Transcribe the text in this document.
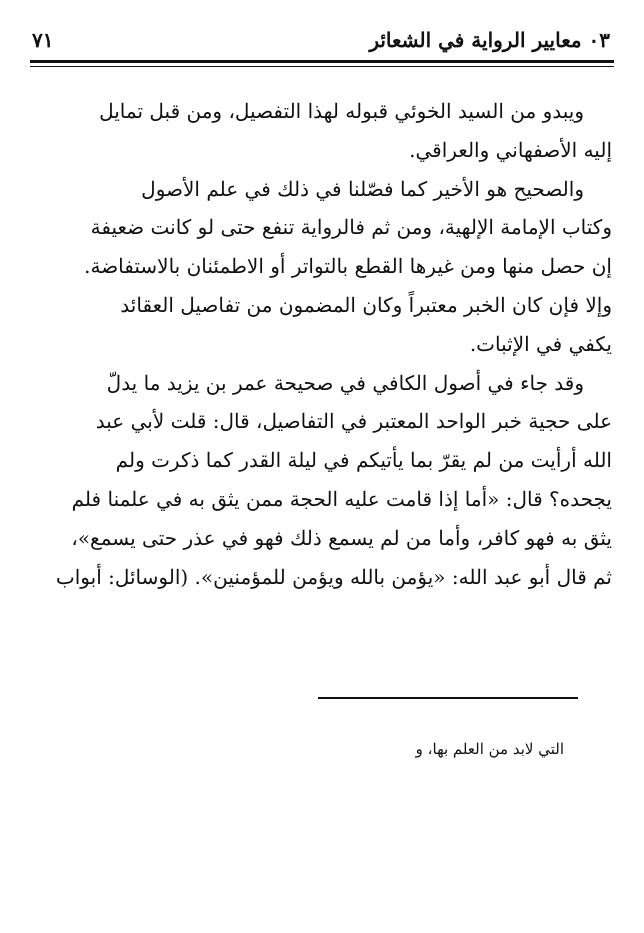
٠٣ معايير الرواية في الشعائر
٧١

ويبدو من السيد الخوئي قبوله لهذا التفصيل، ومن قبل تمايل
إليه الأصفهاني والعراقي.

والصحيح هو الأخير كما فصّلنا في ذلك في علم الأصول
وكتاب الإمامة الإلهية، ومن ثم فالرواية تنفع حتى لو كانت ضعيفة
إن حصل منها ومن غيرها القطع بالتواتر أو الاطمئنان بالاستفاضة.
وإلا فإن كان الخبر معتبراً وكان المضمون من تفاصيل العقائد
يكفي في الإثبات.

وقد جاء في أصول الكافي في صحيحة عمر بن يزيد ما يدلّ
على حجية خبر الواحد المعتبر في التفاصيل، قال: قلت لأبي عبد
الله أرأيت من لم يقرّ بما يأتيكم في ليلة القدر كما ذكرت ولم
يجحده؟ قال: «أما إذا قامت عليه الحجة ممن يثق به في علمنا فلم
يثق به فهو كافر، وأما من لم يسمع ذلك فهو في عذر حتى يسمع»،
ثم قال أبو عبد الله: «يؤمن بالله ويؤمن للمؤمنين». (الوسائل: أبواب

التي لابد من العلم بها، و
